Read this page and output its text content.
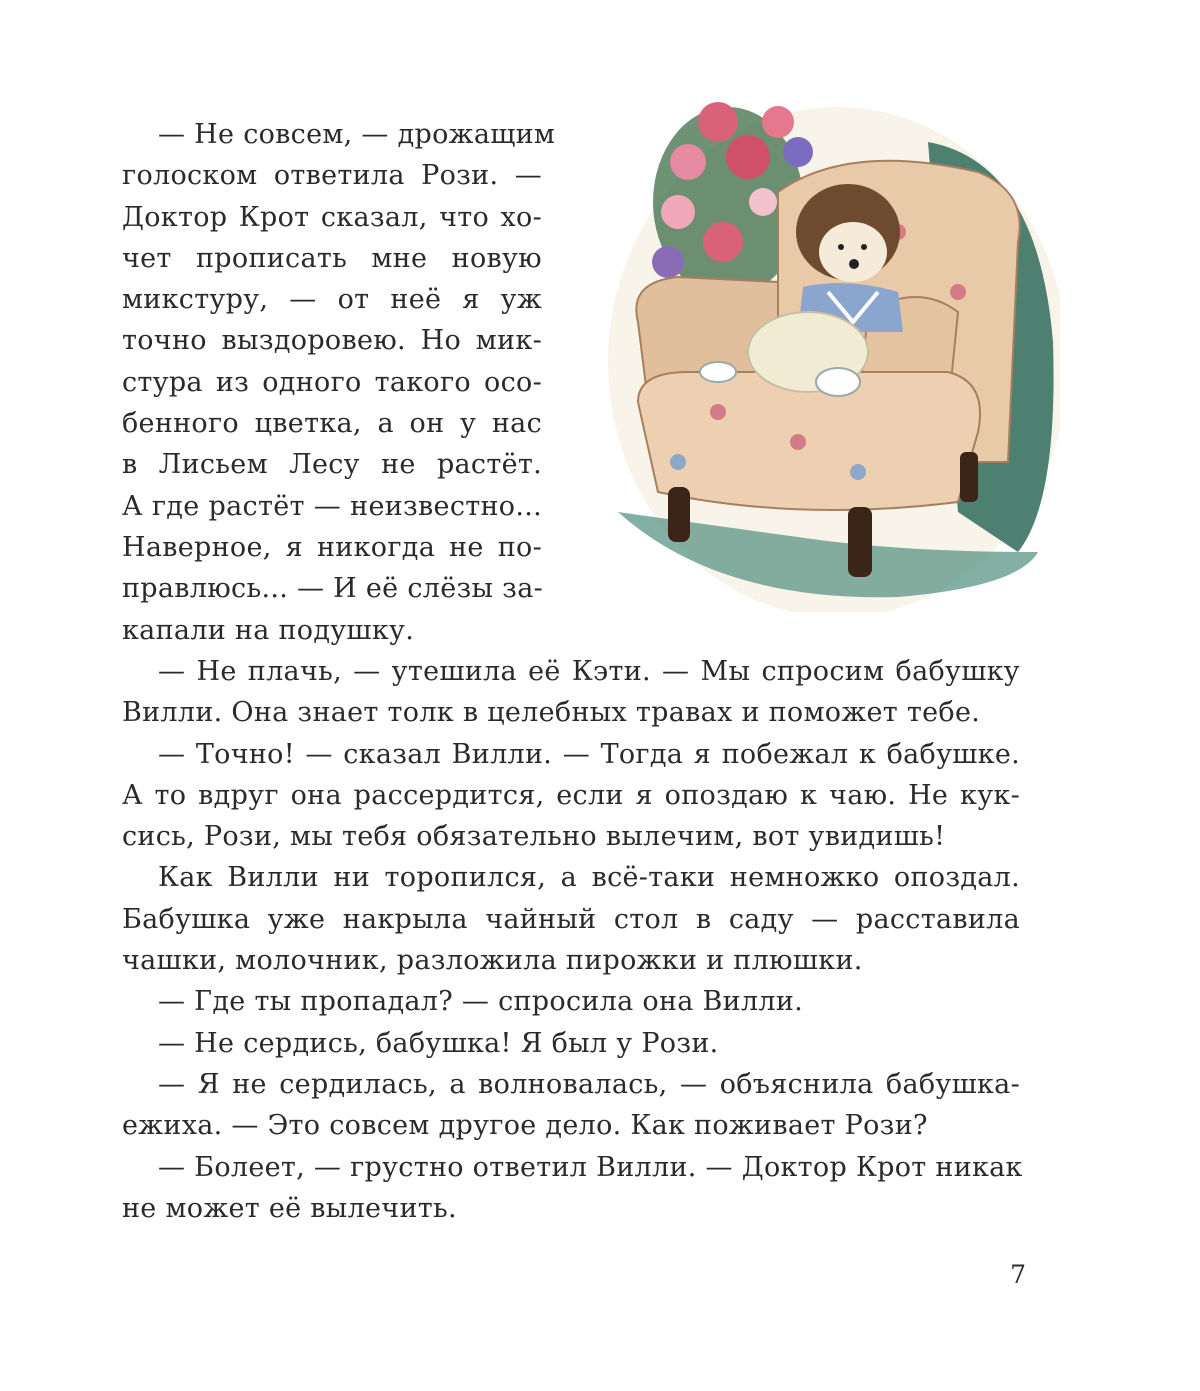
— Не совсем, — дрожащим
голоском ответила Рози. —
Доктор Крот сказал, что хо-
чет прописать мне новую
микстуру, — от неё я уж
точно выздоровею. Но мик-
стура из одного такого осо-
бенного цветка, а он у нас
в Лисьем Лесу не растёт.
А где растёт — неизвестно...
Наверное, я никогда не по-
правлюсь... — И её слёзы за-
капали на подушку.
— Не плачь, — утешила её Кэти. — Мы спросим бабушку
Вилли. Она знает толк в целебных травах и поможет тебе.
— Точно! — сказал Вилли. — Тогда я побежал к бабушке.
А то вдруг она рассердится, если я опоздаю к чаю. Не кук-
сись, Рози, мы тебя обязательно вылечим, вот увидишь!
Как Вилли ни торопился, а всё-таки немножко опоздал.
Бабушка уже накрыла чайный стол в саду — расставила
чашки, молочник, разложила пирожки и плюшки.
— Где ты пропадал? — спросила она Вилли.
— Не сердись, бабушка! Я был у Рози.
— Я не сердилась, а волновалась, — объяснила бабушка-
ежиха. — Это совсем другое дело. Как поживает Рози?
— Болеет, — грустно ответил Вилли. — Доктор Крот никак
не может её вылечить.
7
